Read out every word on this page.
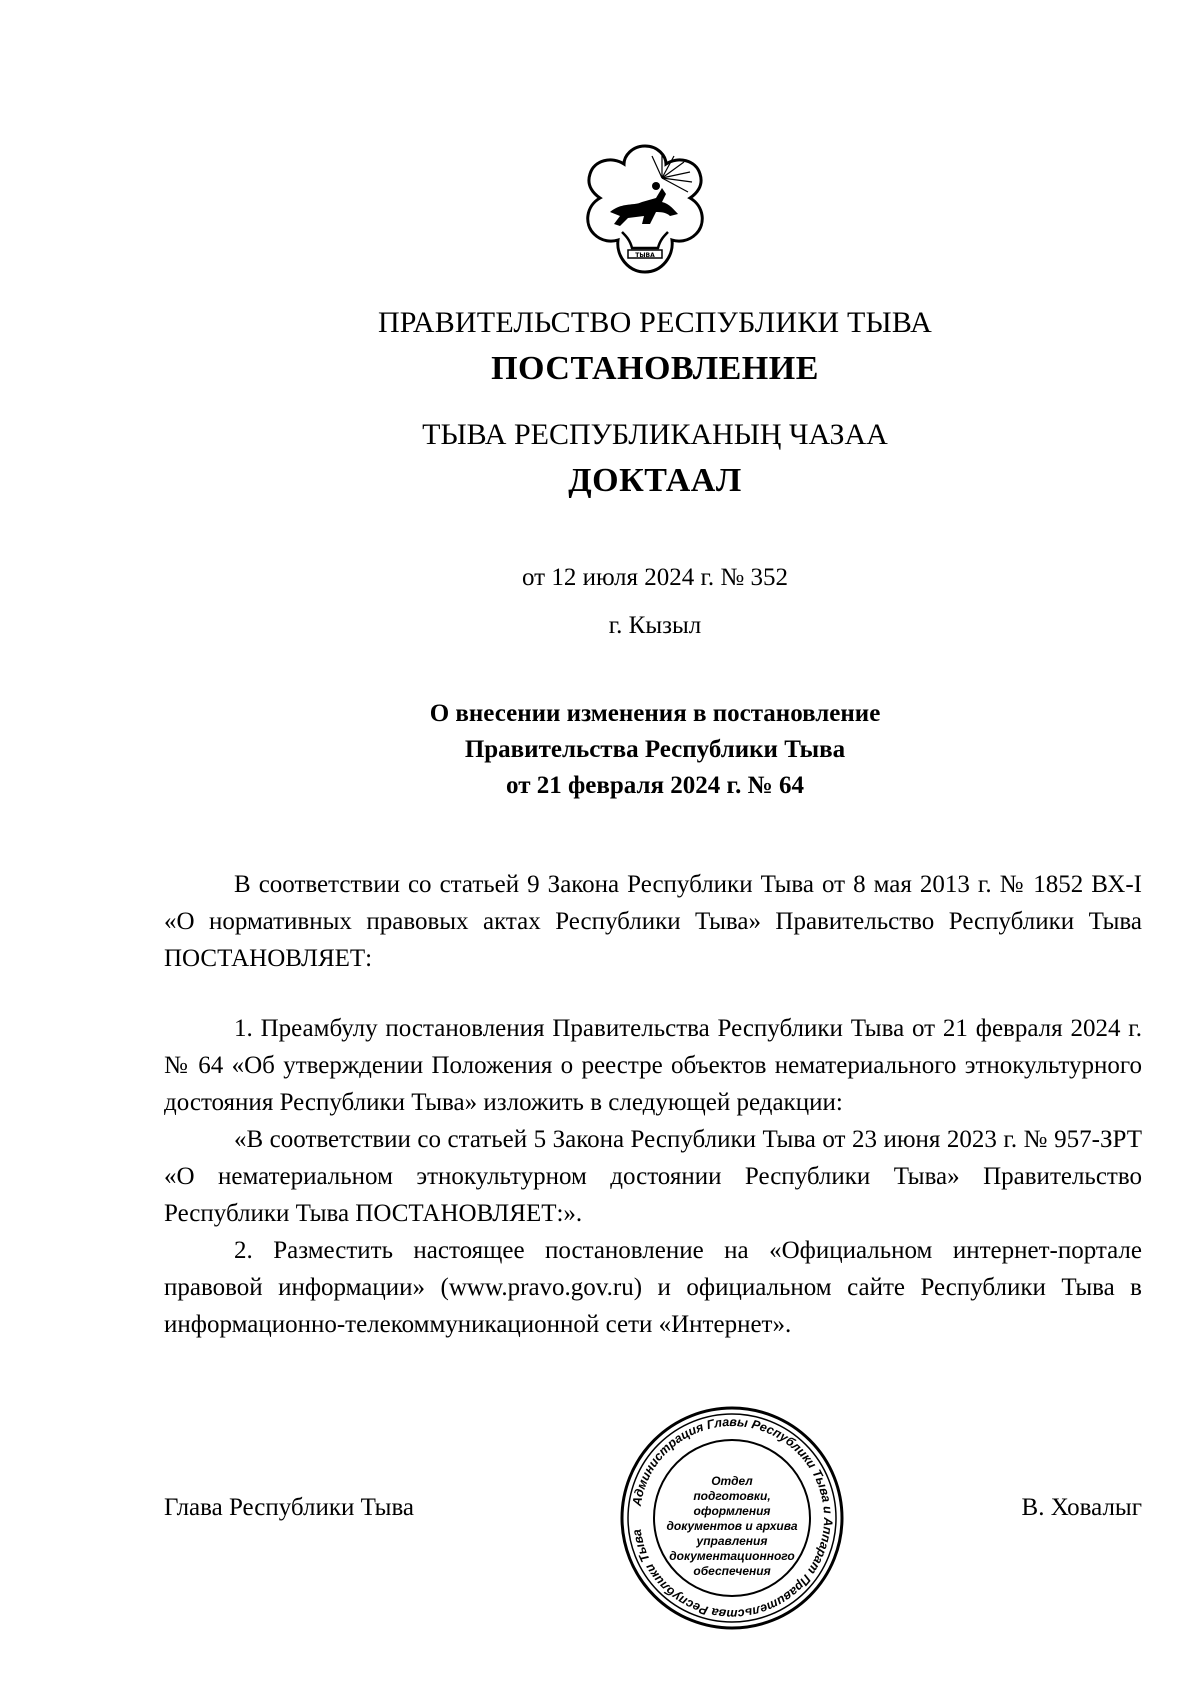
ТЫВА
ПРАВИТЕЛЬСТВО РЕСПУБЛИКИ ТЫВА
ПОСТАНОВЛЕНИЕ
ТЫВА РЕСПУБЛИКАНЫҢ ЧАЗАА
ДОКТААЛ
от 12 июля 2024 г. № 352
г. Кызыл
О внесении изменения в постановление
Правительства Республики Тыва
от 21 февраля 2024 г. № 64

В соответствии со статьей 9 Закона Республики Тыва от 8 мая 2013 г. № 1852 ВХ-I «О нормативных правовых актах Республики Тыва» Правительство Республики Тыва ПОСТАНОВЛЯЕТ:

1. Преамбулу постановления Правительства Республики Тыва от 21 февраля 2024 г. № 64 «Об утверждении Положения о реестре объектов нематериального этнокультурного достояния Республики Тыва» изложить в следующей редакции:

«В соответствии со статьей 5 Закона Республики Тыва от 23 июня 2023 г. № 957-ЗРТ «О нематериальном этнокультурном достоянии Республики Тыва» Правительство Республики Тыва ПОСТАНОВЛЯЕТ:».

2. Разместить настоящее постановление на «Официальном интернет-портале правовой информации» (www.pravo.gov.ru) и официальном сайте Республики Тыва в информационно-телекоммуникационной сети «Интернет».

Глава Республики Тыва	В. Ховалыг
Администрация Главы Республики Тыва и Аппарат Правительства Республики Тыва
Отдел
подготовки,
оформления
документов и архива
управления
документационного
обеспечения
